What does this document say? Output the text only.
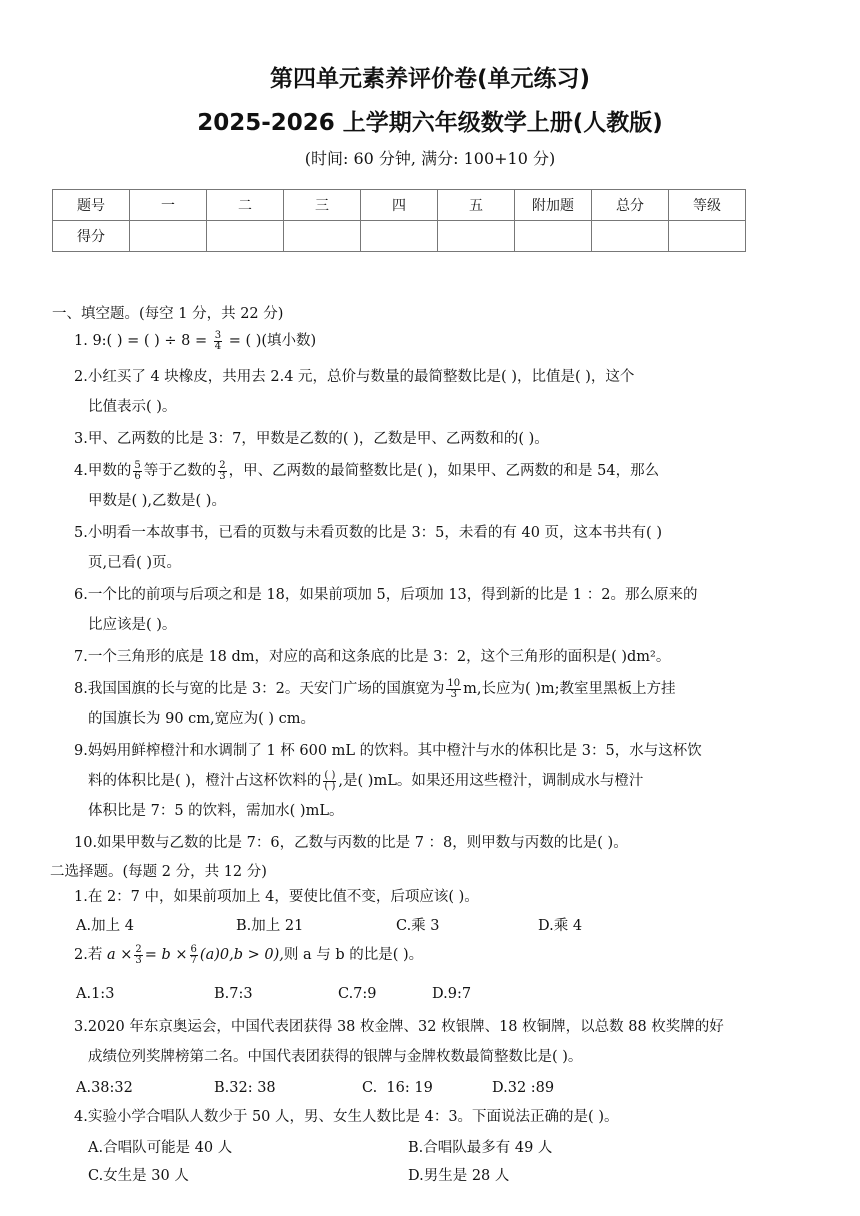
第四单元素养评价卷(单元练习)
2025-2026 上学期六年级数学上册(人教版)
(时间: 60 分钟, 满分: 100+10 分)
题号	一	二	三	四	五	附加题	总分	等级
得分								

一、填空题。(每空 1 分，共 22 分)

1. 9:( ) = ( ) ÷ $8 = \frac{3}{4}$ = ( )(填小数)
2.小红买了 4 块橡皮，共用去 2.4 元，总价与数量的最简整数比是( )，比值是( )，这个
比值表示( )。
3.甲、乙两数的比是 3：7，甲数是乙数的( )，乙数是甲、乙两数和的( )。
4.甲数的 $\frac{5}{6}$ 等于乙数的 $\frac{2}{3}$ ，甲、乙两数的最简整数比是( )，如果甲、乙两数的和是 54，那么
甲数是( ),乙数是( )。
5.小明看一本故事书，已看的页数与未看页数的比是 3：5，未看的有 40 页，这本书共有( )
页,已看( )页。
6.一个比的前项与后项之和是 18，如果前项加 5，后项加 13，得到新的比是 1 ：2。那么原来的
比应该是( )。
7.一个三角形的底是 18 dm，对应的高和这条底的比是 3：2，这个三角形的面积是( )dm²。
8.我国国旗的长与宽的比是 3：2。天安门广场的国旗宽为 $\frac{10}{3} m$,长应为( )m;教室里黑板上方挂
的国旗长为 90 cm,宽应为( ) cm。
9.妈妈用鲜榨橙汁和水调制了 1 杯 600 mL 的饮料。其中橙汁与水的体积比是 3：5，水与这杯饮
料的体积比是( )，橙汁占这杯饮料的 $\frac{( )}{( )}$ ,是( )mL。如果还用这些橙汁，调制成水与橙汁
体积比是 7：5 的饮料，需加水( )mL。
10.如果甲数与乙数的比是 7：6，乙数与丙数的比是 7 ：8，则甲数与丙数的比是( )。

二选择题。(每题 2 分，共 12 分)

1.在 2：7 中，如果前项加上 4，要使比值不变，后项应该( )。
A.加上 4	B.加上 21	C.乘 3	D.乘 4
2.若 $a \times \frac{2}{3} = b \times \frac{6}{7} (a)0,b > 0$),则 a 与 b 的比是( )。
A.1:3	B.7:3	C.7:9	D.9:7
3.2020 年东京奥运会，中国代表团获得 38 枚金牌、32 枚银牌、18 枚铜牌，以总数 88 枚奖牌的好
成绩位列奖牌榜第二名。中国代表团获得的银牌与金牌枚数最简整数比是( )。
A.38:32	B.32: 38	C.  16: 19	D.32 :89
4.实验小学合唱队人数少于 50 人，男、女生人数比是 4：3。下面说法正确的是( )。
A.合唱队可能是 40 人	B.合唱队最多有 49 人
C.女生是 30 人	D.男生是 28 人
